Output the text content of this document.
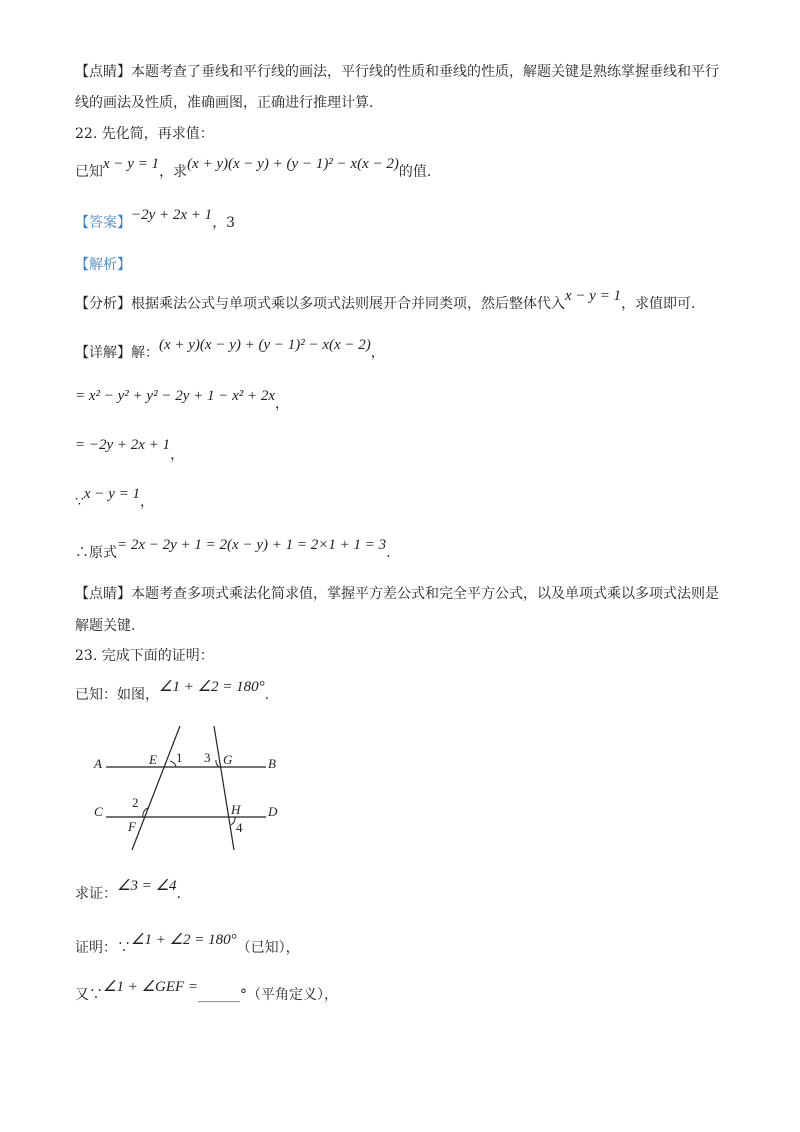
【点睛】本题考查了垂线和平行线的画法，平行线的性质和垂线的性质，解题关键是熟练掌握垂线和平行
线的画法及性质，准确画图，正确进行推理计算.
22. 先化简，再求值：
已知x − y = 1，求(x + y)(x − y) + (y − 1)² − x(x − 2)的值.
【答案】−2y + 2x + 1，3
【解析】
【分析】根据乘法公式与单项式乘以多项式法则展开合并同类项，然后整体代入x − y = 1，求值即可.
【详解】解：(x + y)(x − y) + (y − 1)² − x(x − 2)，
= x² − y² + y² − 2y + 1 − x² + 2x，
= −2y + 2x + 1，
∵x − y = 1，
∴原式= 2x − 2y + 1 = 2(x − y) + 1 = 2×1 + 1 = 3.
【点睛】本题考查多项式乘法化简求值，掌握平方差公式和完全平方公式，以及单项式乘以多项式法则是
解题关键.
23. 完成下面的证明：
已知：如图，∠1 + ∠2 = 180°.
A	B
C	D
E
F
G
H
1
2
3
4
求证：∠3 = ∠4.
证明：∵∠1 + ∠2 = 180°（已知），
又∵∠1 + ∠GEF =______°（平角定义），
